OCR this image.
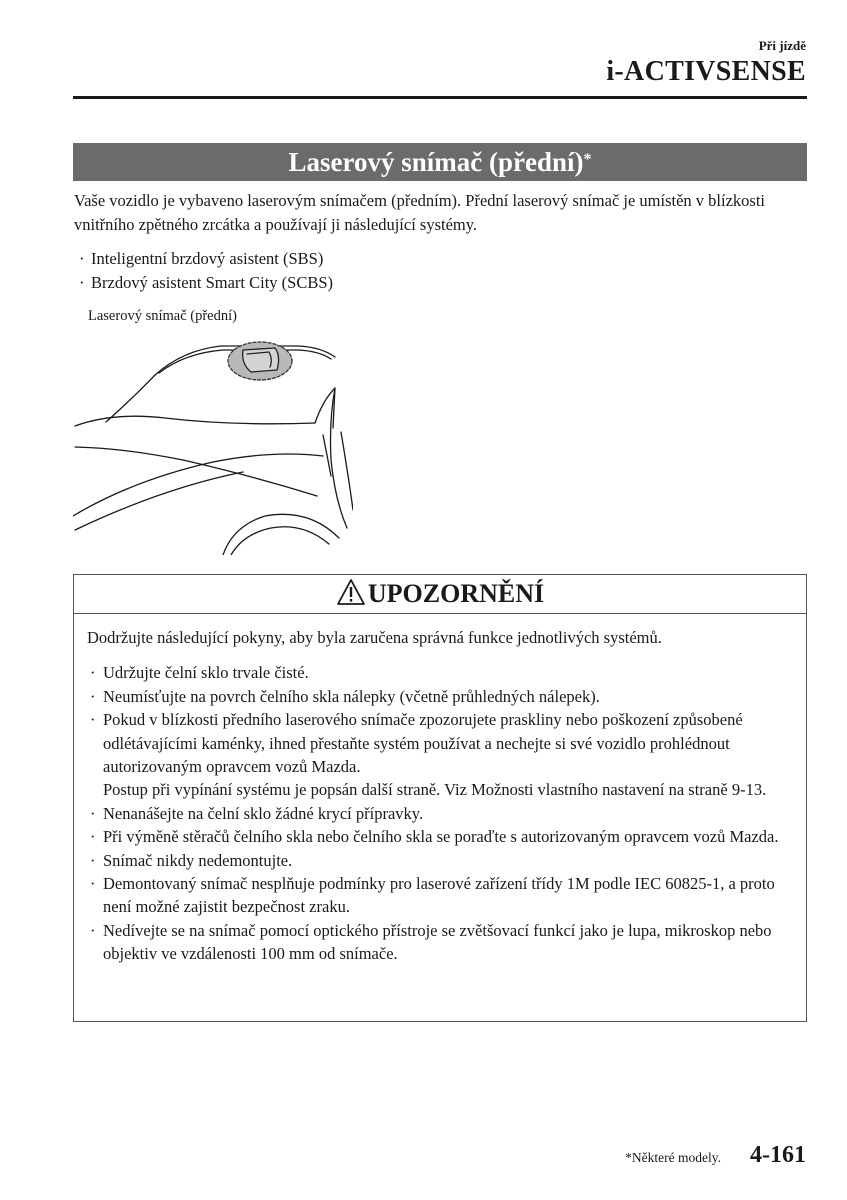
Při jízdě
i-ACTIVSENSE
Laserový snímač (přední)*

Vaše vozidlo je vybaveno laserovým snímačem (předním). Přední laserový snímač je umístěn v blízkosti vnitřního zpětného zrcátka a používají ji následující systémy.

· Inteligentní brzdový asistent (SBS)
· Brzdový asistent Smart City (SCBS)
Laserový snímač (přední)
UPOZORNĚNÍ

Dodržujte následující pokyny, aby byla zaručena správná funkce jednotlivých systémů.

· Udržujte čelní sklo trvale čisté.
· Neumísťujte na povrch čelního skla nálepky (včetně průhledných nálepek).
· Pokud v blízkosti předního laserového snímače zpozorujete praskliny nebo poškození způsobené odlétávajícími kaménky, ihned přestaňte systém používat a nechejte si své vozidlo prohlédnout autorizovaným opravcem vozů Mazda.
Postup při vypínání systému je popsán další straně. Viz Možnosti vlastního nastavení na straně 9-13.
· Nenanášejte na čelní sklo žádné krycí přípravky.
· Při výměně stěračů čelního skla nebo čelního skla se poraďte s autorizovaným opravcem vozů Mazda.
· Snímač nikdy nedemontujte.
· Demontovaný snímač nesplňuje podmínky pro laserové zařízení třídy 1M podle IEC 60825-1, a proto není možné zajistit bezpečnost zraku.
· Nedívejte se na snímač pomocí optického přístroje se zvětšovací funkcí jako je lupa, mikroskop nebo objektiv ve vzdálenosti 100 mm od snímače.
*Některé modely. 4-161
